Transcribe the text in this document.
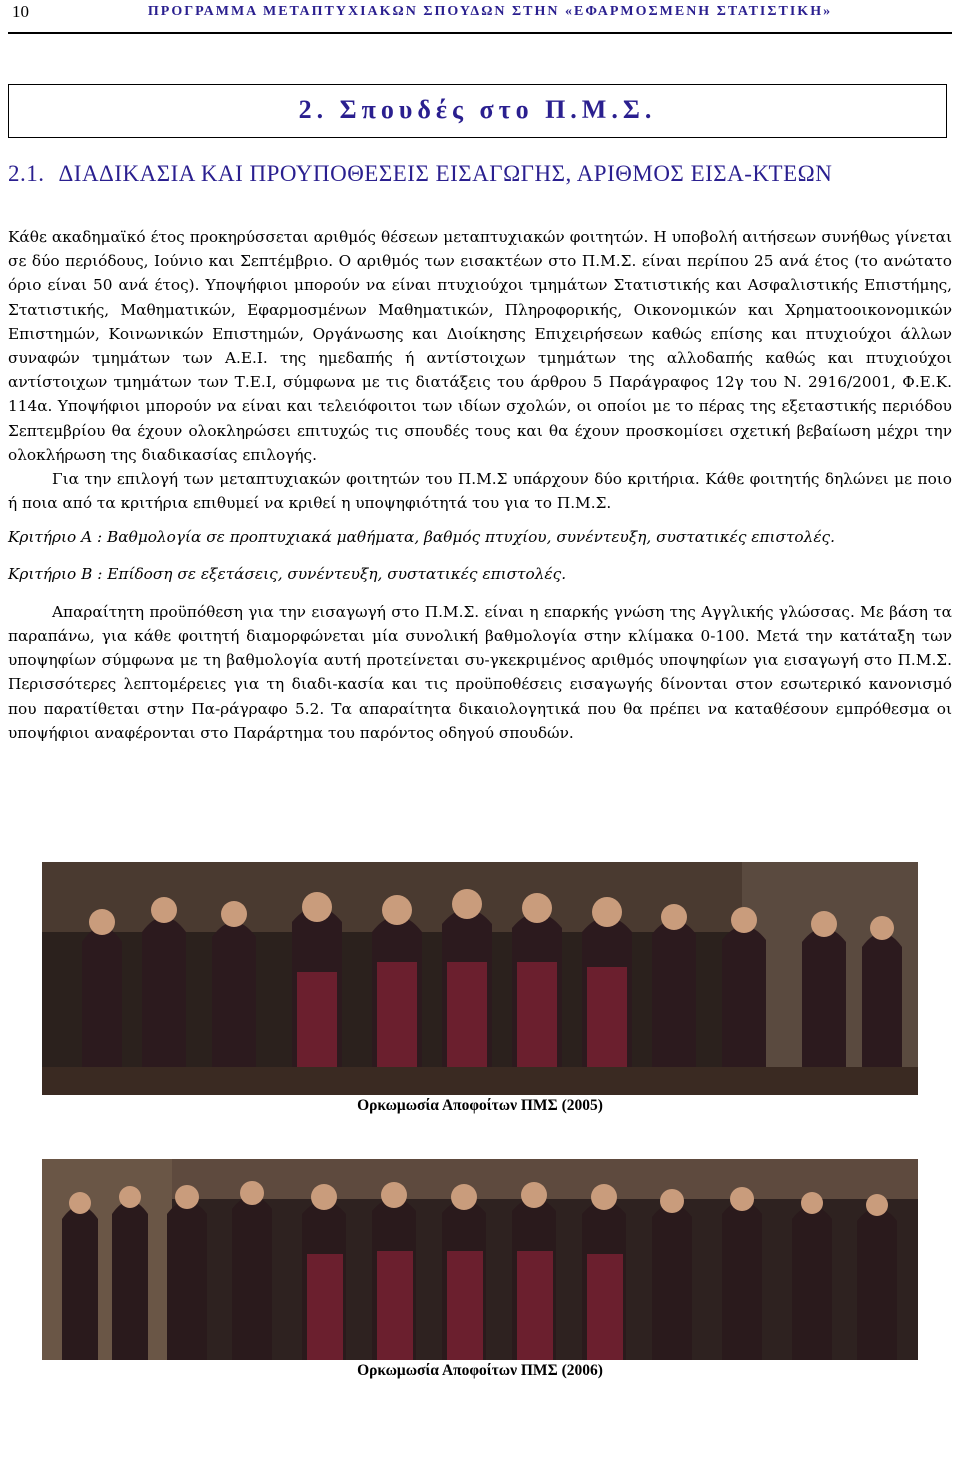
10	ΠΡΟΓΡΑΜΜΑ ΜΕΤΑΠΤΥΧΙΑΚΩΝ ΣΠΟΥΔΩΝ ΣΤΗΝ «ΕΦΑΡΜΟΣΜΕΝΗ ΣΤΑΤΙΣΤΙΚΗ»
2. Σπουδές στο Π.Μ.Σ.
2.1. ΔΙΑΔΙΚΑΣΙΑ ΚΑΙ ΠΡΟΥΠΟΘΕΣΕΙΣ ΕΙΣΑΓΩΓΗΣ, ΑΡΙΘΜΟΣ ΕΙΣΑ-ΚΤΕΩΝ

Κάθε ακαδημαϊκό έτος προκηρύσσεται αριθμός θέσεων μεταπτυχιακών φοιτητών. Η υποβολή αιτήσεων συνήθως γίνεται σε δύο περιόδους, Ιούνιο και Σεπτέμβριο. Ο αριθμός των εισακτέων στο Π.Μ.Σ. είναι περίπου 25 ανά έτος (το ανώτατο όριο είναι 50 ανά έτος). Υποψήφιοι μπορούν να είναι πτυχιούχοι τμημάτων Στατιστικής και Ασφαλιστικής Επιστήμης, Στατιστικής, Μαθηματικών, Εφαρμοσμένων Μαθηματικών, Πληροφορικής, Οικονομικών και Χρηματοοικονομικών Επιστημών, Κοινωνικών Επιστημών, Οργάνωσης και Διοίκησης Επιχειρήσεων καθώς επίσης και πτυχιούχοι άλλων συναφών τμημάτων των Α.Ε.Ι. της ημεδαπής ή αντίστοιχων τμημάτων της αλλοδαπής καθώς και πτυχιούχοι αντίστοιχων τμημάτων των Τ.Ε.Ι, σύμφωνα με τις διατάξεις του άρθρου 5 Παράγραφος 12γ του Ν. 2916/2001, Φ.Ε.Κ. 114α. Υποψήφιοι μπορούν να είναι και τελειόφοιτοι των ιδίων σχολών, οι οποίοι με το πέρας της εξεταστικής περιόδου Σεπτεμβρίου θα έχουν ολοκληρώσει επιτυχώς τις σπουδές τους και θα έχουν προσκομίσει σχετική βεβαίωση μέχρι την ολοκλήρωση της διαδικασίας επιλογής.

Για την επιλογή των μεταπτυχιακών φοιτητών του Π.Μ.Σ υπάρχουν δύο κριτήρια. Κάθε φοιτητής δηλώνει με ποιο ή ποια από τα κριτήρια επιθυμεί να κριθεί η υποψηφιότητά του για το Π.Μ.Σ.

Κριτήριο Α : Βαθμολογία σε προπτυχιακά μαθήματα, βαθμός πτυχίου, συνέντευξη, συστατικές επιστολές.

Κριτήριο Β : Επίδοση σε εξετάσεις, συνέντευξη, συστατικές επιστολές.

Απαραίτητη προϋπόθεση για την εισαγωγή στο Π.Μ.Σ. είναι η επαρκής γνώση της Αγγλικής γλώσσας. Με βάση τα παραπάνω, για κάθε φοιτητή διαμορφώνεται μία συνολική βαθμολογία στην κλίμακα 0-100. Μετά την κατάταξη των υποψηφίων σύμφωνα με τη βαθμολογία αυτή προτείνεται συ-γκεκριμένος αριθμός υποψηφίων για εισαγωγή στο Π.Μ.Σ. Περισσότερες λεπτομέρειες για τη διαδι-κασία και τις προϋποθέσεις εισαγωγής δίνονται στον εσωτερικό κανονισμό που παρατίθεται στην Πα-ράγραφο 5.2. Τα απαραίτητα δικαιολογητικά που θα πρέπει να καταθέσουν εμπρόθεσμα οι υποψήφιοι αναφέρονται στο Παράρτημα του παρόντος οδηγού σπουδών.

Ορκωμωσία Αποφοίτων ΠΜΣ (2005)
Ορκωμωσία Αποφοίτων ΠΜΣ (2006)
